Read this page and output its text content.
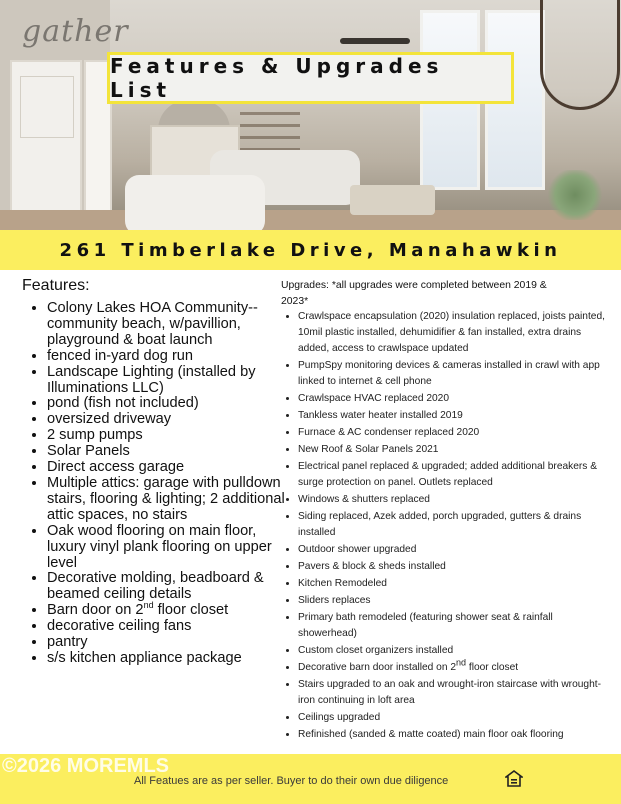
gather
Features & Upgrades List
261 Timberlake Drive, Manahawkin
Features:
• Colony Lakes HOA Community--community beach, w/pavillion, playground & boat launch
• fenced in-yard dog run
• Landscape Lighting (installed by Illuminations LLC)
• pond (fish not included)
• oversized driveway
• 2 sump pumps
• Solar Panels
• Direct access garage
• Multiple attics: garage with pulldown stairs, flooring & lighting; 2 additional attic spaces, no stairs
• Oak wood flooring on main floor, luxury vinyl plank flooring on upper level
• Decorative molding, beadboard & beamed ceiling details
• Barn door on 2nd floor closet
• decorative ceiling fans
• pantry
• s/s kitchen appliance package
Upgrades: *all upgrades were completed between 2019 & 2023*
• Crawlspace encapsulation (2020) insulation replaced, joists painted, 10mil plastic installed, dehumidifier & fan installed, extra drains added, access to crawlspace updated
• PumpSpy monitoring devices & cameras installed in crawl with app linked to internet & cell phone
• Crawlspace HVAC replaced 2020
• Tankless water heater installed 2019
• Furnace & AC condenser replaced 2020
• New Roof & Solar Panels 2021
• Electrical panel replaced & upgraded; added additional breakers & surge protection on panel. Outlets replaced
• Windows & shutters replaced
• Siding replaced, Azek added, porch upgraded, gutters & drains installed
• Outdoor shower upgraded
• Pavers & block & sheds installed
• Kitchen Remodeled
• Sliders replaces
• Primary bath remodeled (featuring shower seat & rainfall showerhead)
• Custom closet organizers installed
• Decorative barn door installed on 2nd floor closet
• Stairs upgraded to an oak and wrought-iron staircase with wrought-iron continuing in loft area
• Ceilings upgraded
• Refinished (sanded & matte coated) main floor oak flooring
©2026 MOREMLS
All Featues are as per seller. Buyer to do their own due diligence
